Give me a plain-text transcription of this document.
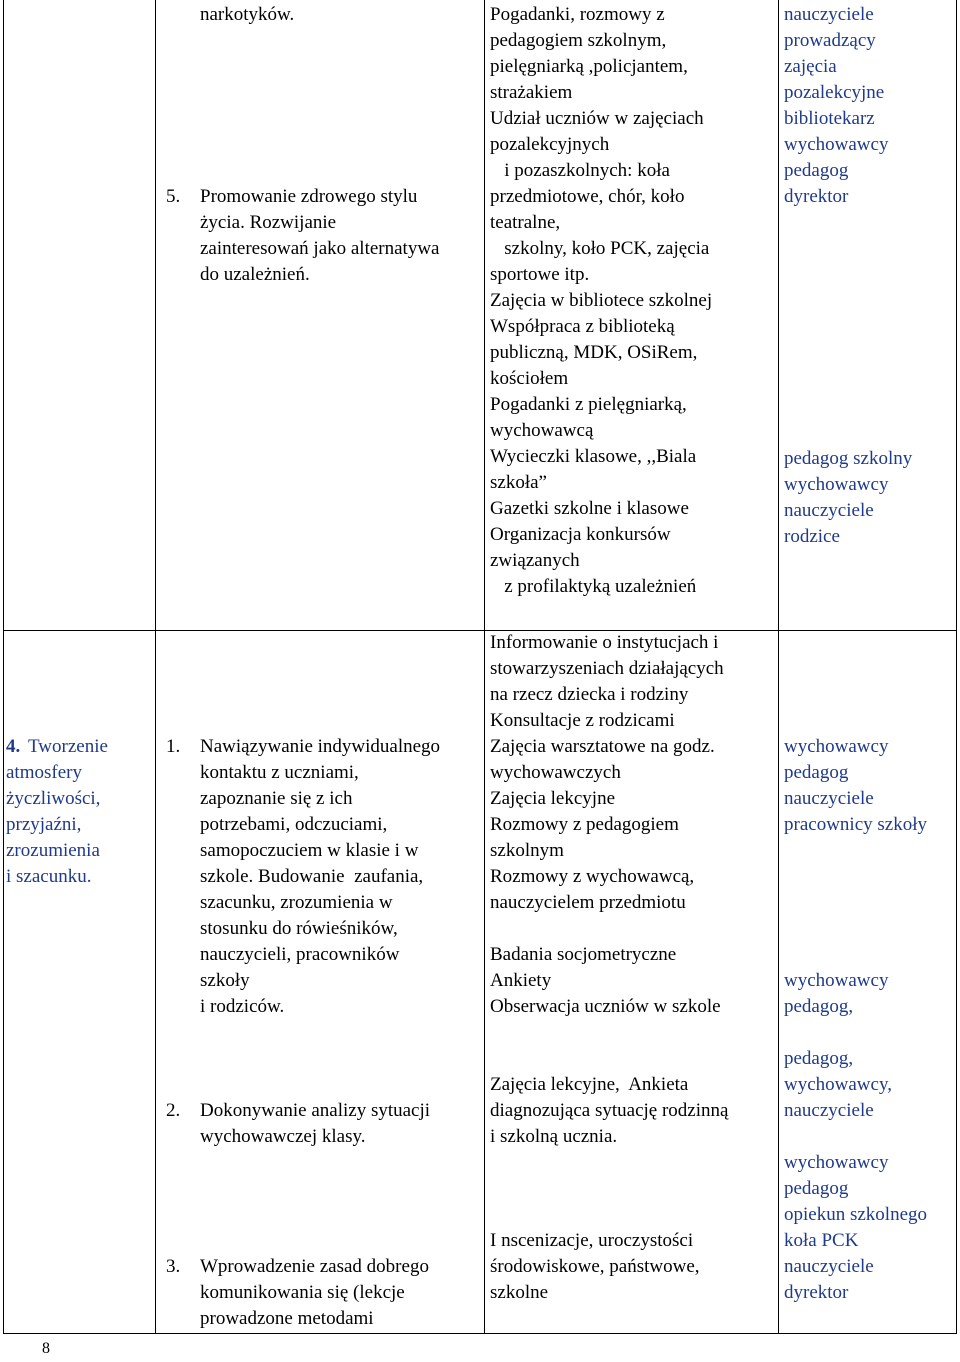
narkotyków.
5. Promowanie zdrowego stylu
życia. Rozwijanie
zainteresowań jako alternatywa
do uzależnień.
Pogadanki, rozmowy z
pedagogiem szkolnym,
pielęgniarką ,policjantem,
strażakiem
Udział uczniów w zajęciach
pozalekcyjnych
i pozaszkolnych: koła
przedmiotowe, chór, koło
teatralne,
szkolny, koło PCK, zajęcia
sportowe itp.
Zajęcia w bibliotece szkolnej
Współpraca z biblioteką
publiczną, MDK, OSiRem,
kościołem
Pogadanki z pielęgniarką,
wychowawcą
Wycieczki klasowe, ,,Biala
szkoła”
Gazetki szkolne i klasowe
Organizacja konkursów
związanych
z profilaktyką uzależnień
nauczyciele
prowadzący
zajęcia
pozalekcyjne
bibliotekarz
wychowawcy
pedagog
dyrektor
pedagog szkolny
wychowawcy
nauczyciele
rodzice
4. Tworzenie
atmosfery
życzliwości,
przyjaźni,
zrozumienia
i szacunku.
1. Nawiązywanie indywidualnego
kontaktu z uczniami,
zapoznanie się z ich
potrzebami, odczuciami,
samopoczuciem w klasie i w
szkole. Budowanie  zaufania,
szacunku, zrozumienia w
stosunku do rówieśników,
nauczycieli, pracowników
szkoły
i rodziców.
Informowanie o instytucjach i
stowarzyszeniach działających
na rzecz dziecka i rodziny
Konsultacje z rodzicami
Zajęcia warsztatowe na godz.
wychowawczych
Zajęcia lekcyjne
Rozmowy z pedagogiem
szkolnym
Rozmowy z wychowawcą,
nauczycielem przedmiotu
Badania socjometryczne
Ankiety
Obserwacja uczniów w szkole
wychowawcy
pedagog
nauczyciele
pracownicy szkoły
wychowawcy
pedagog,
2. Dokonywanie analizy sytuacji
wychowawczej klasy.
Zajęcia lekcyjne,  Ankieta
diagnozująca sytuację rodzinną
i szkolną ucznia.
pedagog,
wychowawcy,
nauczyciele
3. Wprowadzenie zasad dobrego
komunikowania się (lekcje
prowadzone metodami
I nscenizacje, uroczystości
środowiskowe, państwowe,
szkolne
wychowawcy
pedagog
opiekun szkolnego
koła PCK
nauczyciele
dyrektor
8
